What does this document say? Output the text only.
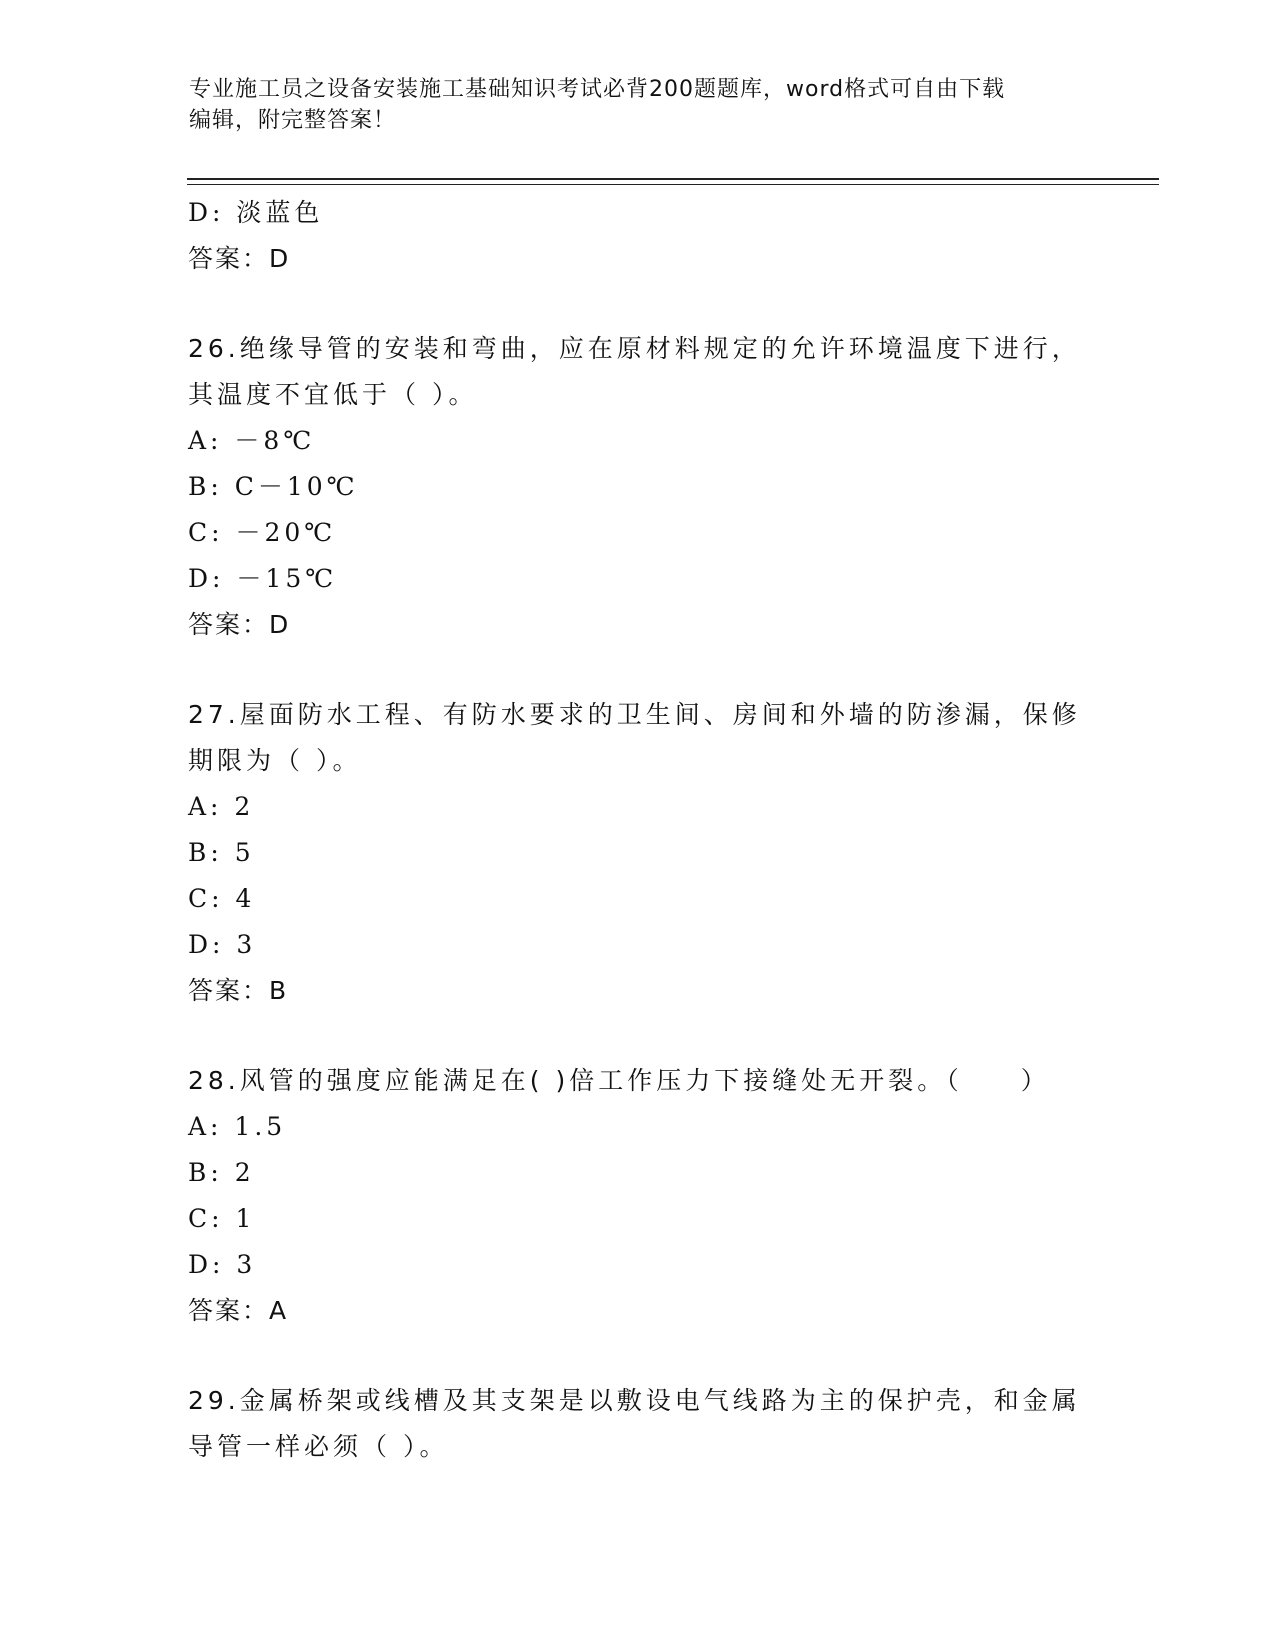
专业施工员之设备安装施工基础知识考试必背200题题库，word格式可自由下载
编辑，附完整答案！
D: 淡蓝色
答案：D
26.绝缘导管的安装和弯曲，应在原材料规定的允许环境温度下进行，
其温度不宜低于（ ）。
A: －8℃
B: C－10℃
C: －20℃
D: －15℃
答案：D
27.屋面防水工程、有防水要求的卫生间、房间和外墙的防渗漏，保修
期限为（ ）。
A: 2
B: 5
C: 4
D: 3
答案：B
28.风管的强度应能满足在( )倍工作压力下接缝处无开裂。（　　）
A: 1.5
B: 2
C: 1
D: 3
答案：A
29.金属桥架或线槽及其支架是以敷设电气线路为主的保护壳，和金属
导管一样必须（ ）。
